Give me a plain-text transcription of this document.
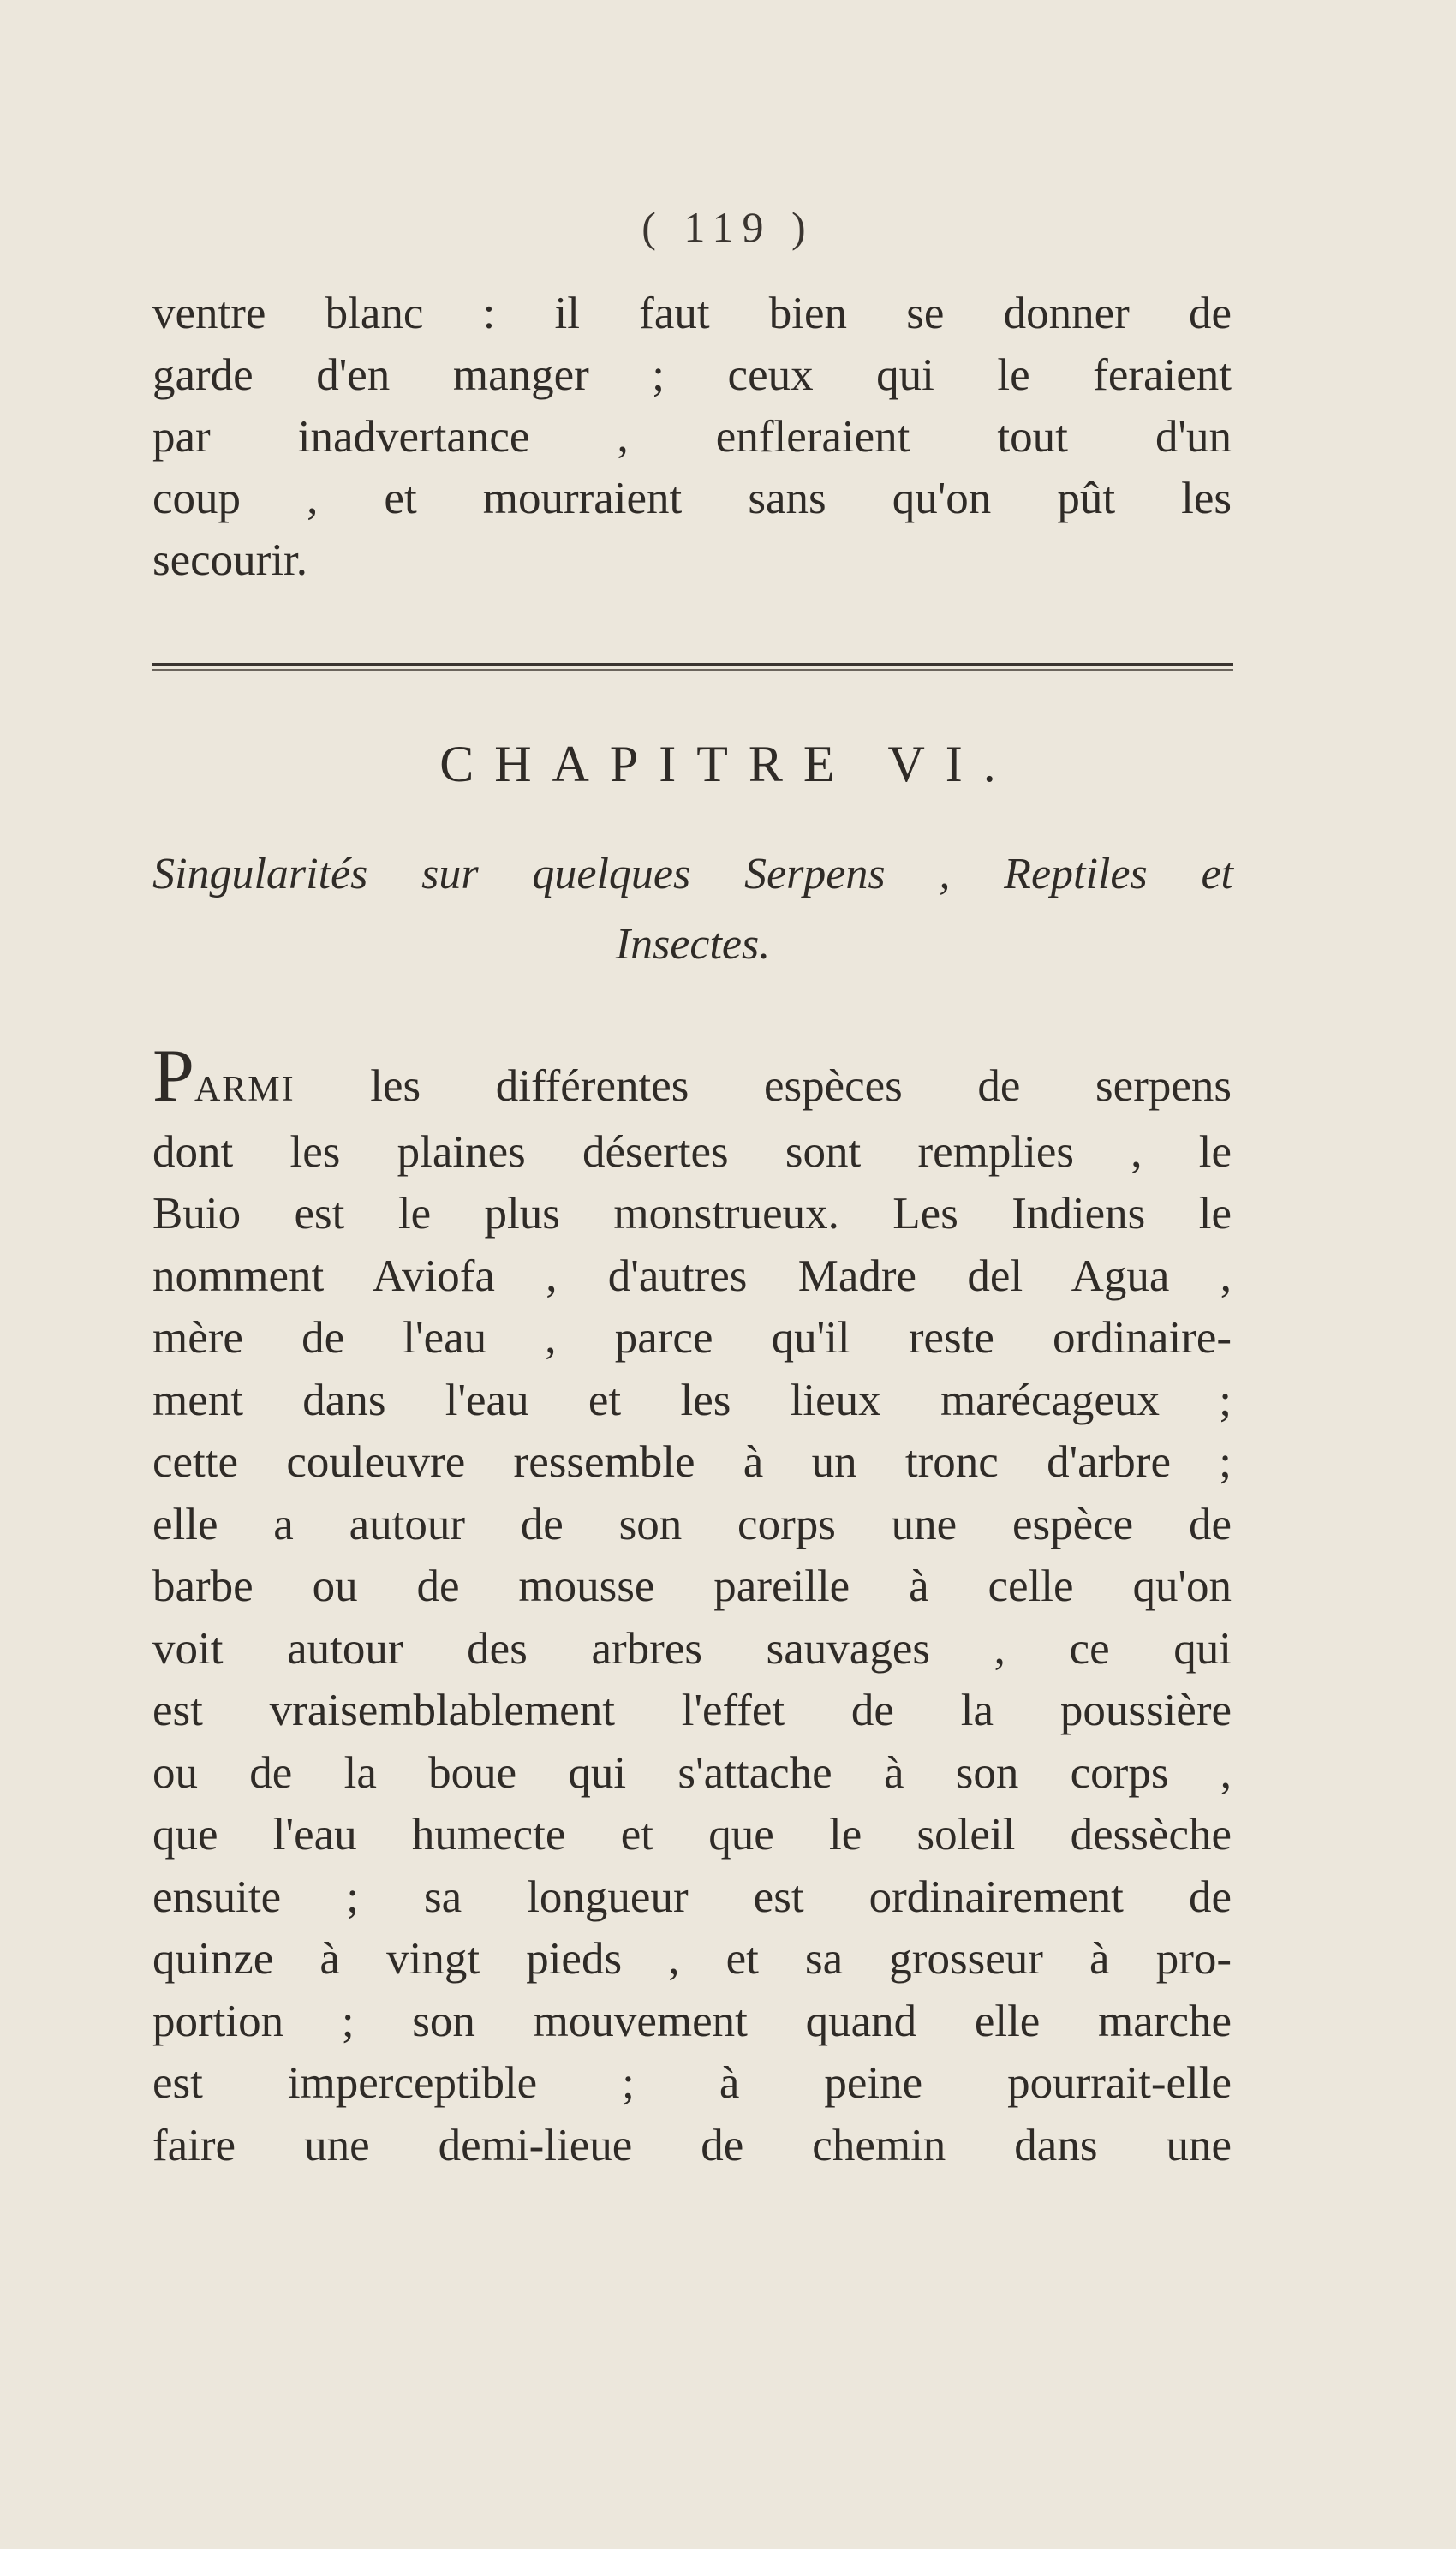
( 119 )
ventre blanc : il faut bien se donner de
garde d'en manger ; ceux qui le feraient
par inadvertance , enfleraient tout d'un
coup , et mourraient sans qu'on pût les
secourir.
CHAPITRE VI.
Singularités sur quelques Serpens , Reptiles et
Insectes.
PARMI les différentes espèces de serpens
dont les plaines désertes sont remplies , le
Buio est le plus monstrueux. Les Indiens le
nomment Aviofa , d'autres Madre del Agua ,
mère de l'eau , parce qu'il reste ordinaire-
ment dans l'eau et les lieux marécageux ;
cette couleuvre ressemble à un tronc d'arbre ;
elle a autour de son corps une espèce de
barbe ou de mousse pareille à celle qu'on
voit autour des arbres sauvages , ce qui
est vraisemblablement l'effet de la poussière
ou de la boue qui s'attache à son corps ,
que l'eau humecte et que le soleil dessèche
ensuite ; sa longueur est ordinairement de
quinze à vingt pieds , et sa grosseur à pro-
portion ; son mouvement quand elle marche
est imperceptible ; à peine pourrait-elle
faire une demi-lieue de chemin dans une
